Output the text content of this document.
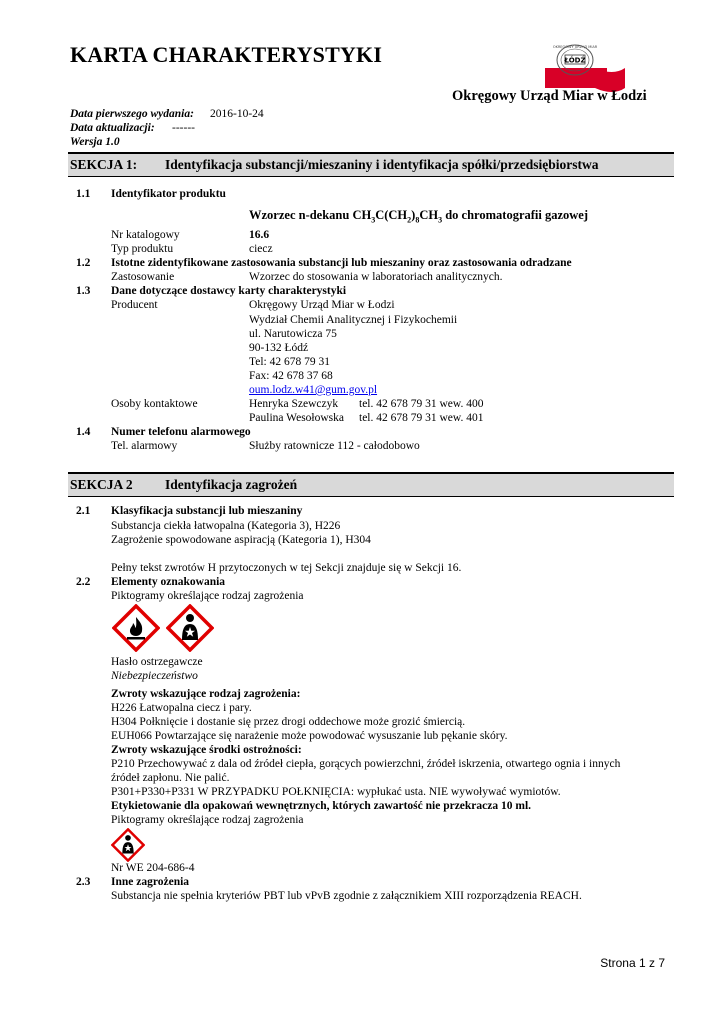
KARTA CHARAKTERYSTYKI	ŁÓDŹ
OKRĘGOWY URZĄD MIAR
Okręgowy Urząd Miar w Łodzi
Data pierwszego wydania: 2016-10-24
Data aktualizacji: ------
Wersja 1.0
SEKCJA 1: Identyfikacja substancji/mieszaniny i identyfikacja spółki/przedsiębiorstwa
1.1 Identyfikator produktu
Wzorzec n-dekanu $CH_3C(CH_2)_8CH_3$ do chromatografii gazowej
Nr katalogowy	16.6
Typ produktu	ciecz
1.2 Istotne zidentyfikowane zastosowania substancji lub mieszaniny oraz zastosowania odradzane
Zastosowanie	Wzorzec do stosowania w laboratoriach analitycznych.
1.3 Dane dotyczące dostawcy karty charakterystyki
Producent	Okręgowy Urząd Miar w Łodzi
Wydział Chemii Analitycznej i Fizykochemii
ul. Narutowicza 75
90-132 Łódź
Tel: 42 678 79 31
Fax: 42 678 37 68
oum.lodz.w41@gum.gov.pl
Osoby kontaktowe	Henryka Szewczyk tel. 42 678 79 31 wew. 400
Paulina Wesołowska tel. 42 678 79 31 wew. 401
1.4 Numer telefonu alarmowego
Tel. alarmowy	Służby ratownicze 112 - całodobowo
SEKCJA 2 Identyfikacja zagrożeń
2.1 Klasyfikacja substancji lub mieszaniny
Substancja ciekła łatwopalna (Kategoria 3), H226
Zagrożenie spowodowane aspiracją (Kategoria 1), H304
Pełny tekst zwrotów H przytoczonych w tej Sekcji znajduje się w Sekcji 16.
2.2 Elementy oznakowania
Piktogramy określające rodzaj zagrożenia
Hasło ostrzegawcze
Niebezpieczeństwo
Zwroty wskazujące rodzaj zagrożenia:
H226 Łatwopalna ciecz i pary.
H304 Połknięcie i dostanie się przez drogi oddechowe może grozić śmiercią.
EUH066 Powtarzające się narażenie może powodować wysuszanie lub pękanie skóry.
Zwroty wskazujące środki ostrożności:
P210 Przechowywać z dala od źródeł ciepła, gorących powierzchni, źródeł iskrzenia, otwartego ognia i innych
źródeł zapłonu. Nie palić.
P301+P330+P331 W PRZYPADKU POŁKNIĘCIA: wypłukać usta. NIE wywoływać wymiotów.
Etykietowanie dla opakowań wewnętrznych, których zawartość nie przekracza 10 ml.
Piktogramy określające rodzaj zagrożenia
Nr WE 204-686-4
2.3 Inne zagrożenia
Substancja nie spełnia kryteriów PBT lub vPvB zgodnie z załącznikiem XIII rozporządzenia REACH.
Strona 1 z 7
